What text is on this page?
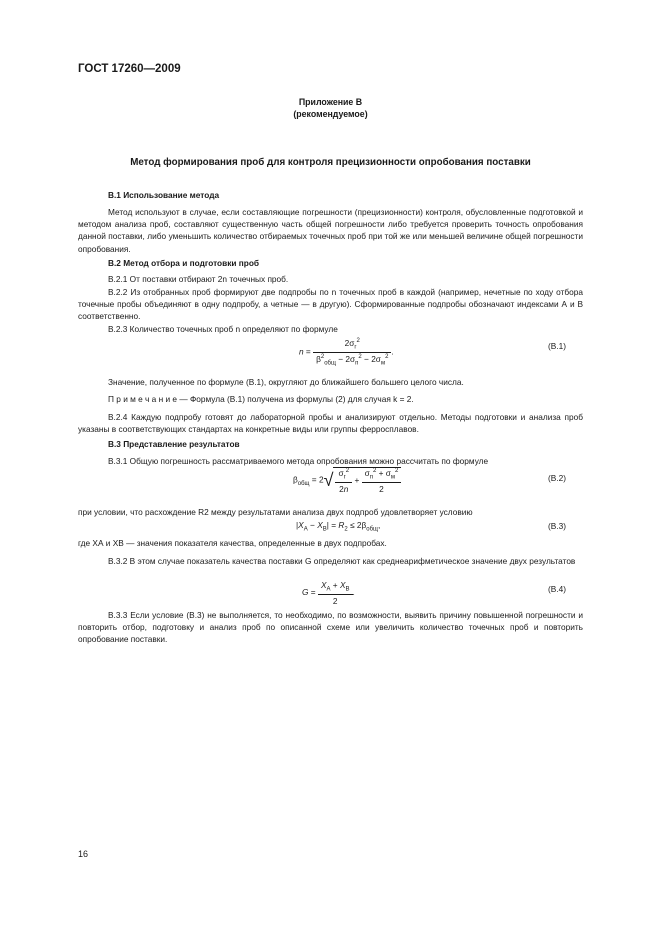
ГОСТ 17260—2009
Приложение В
(рекомендуемое)
Метод формирования проб для контроля прецизионности опробования поставки
В.1 Использование метода

Метод используют в случае, если составляющие погрешности (прецизионности) контроля, обусловленные подготовкой и методом анализа проб, составляют существенную часть общей погрешности либо требуется проверить точность опробования данной поставки, либо уменьшить количество отбираемых точечных проб при той же или меньшей величине общей погрешности опробования.

В.2 Метод отбора и подготовки проб

В.2.1 От поставки отбирают 2n точечных проб.

В.2.2 Из отобранных проб формируют две подпробы по n точечных проб в каждой (например, нечетные по ходу отбора точечные пробы объединяют в одну подпробу, а четные — в другую). Сформированные подпробы обозначают индексами А и В соответственно.

В.2.3 Количество точечных проб n определяют по формуле

$n = \frac{2\sigma_г^2}{\beta^2_{общ} - 2\sigma_п^2 - 2\sigma_м^2}$ .
(В.1)

Значение, полученное по формуле (В.1), округляют до ближайшего большего целого числа.

П р и м е ч а н и е — Формула (В.1) получена из формулы (2) для случая k = 2.

В.2.4 Каждую подпробу готовят до лабораторной пробы и анализируют отдельно. Методы подготовки и анализа проб указаны в соответствующих стандартах на конкретные виды или группы ферросплавов.

В.3 Представление результатов

В.3.1 Общую погрешность рассматриваемого метода опробования можно рассчитать по формуле

$\beta_{общ} = 2√ \frac{\sigma_г^2}{2n} + \frac{\sigma_п^2 + \sigma_м^2}{2}$	(В.2)

при условии, что расхождение R2 между результатами анализа двух подпроб удовлетворяет условию

$|X_А - X_В| = R_2 \le 2\beta_{общ}$,	(В.3)

где XА и XВ — значения показателя качества, определенные в двух подпробах.

В.3.2 В этом случае показатель качества поставки G определяют как среднеарифметическое значение двух результатов

$G = \frac{X_А + X_В}{2}$ .	(В.4)

В.3.3 Если условие (В.3) не выполняется, то необходимо, по возможности, выявить причину повышенной погрешности и повторить отбор, подготовку и анализ проб по описанной схеме или увеличить количество точечных проб и повторить опробование поставки.

16
